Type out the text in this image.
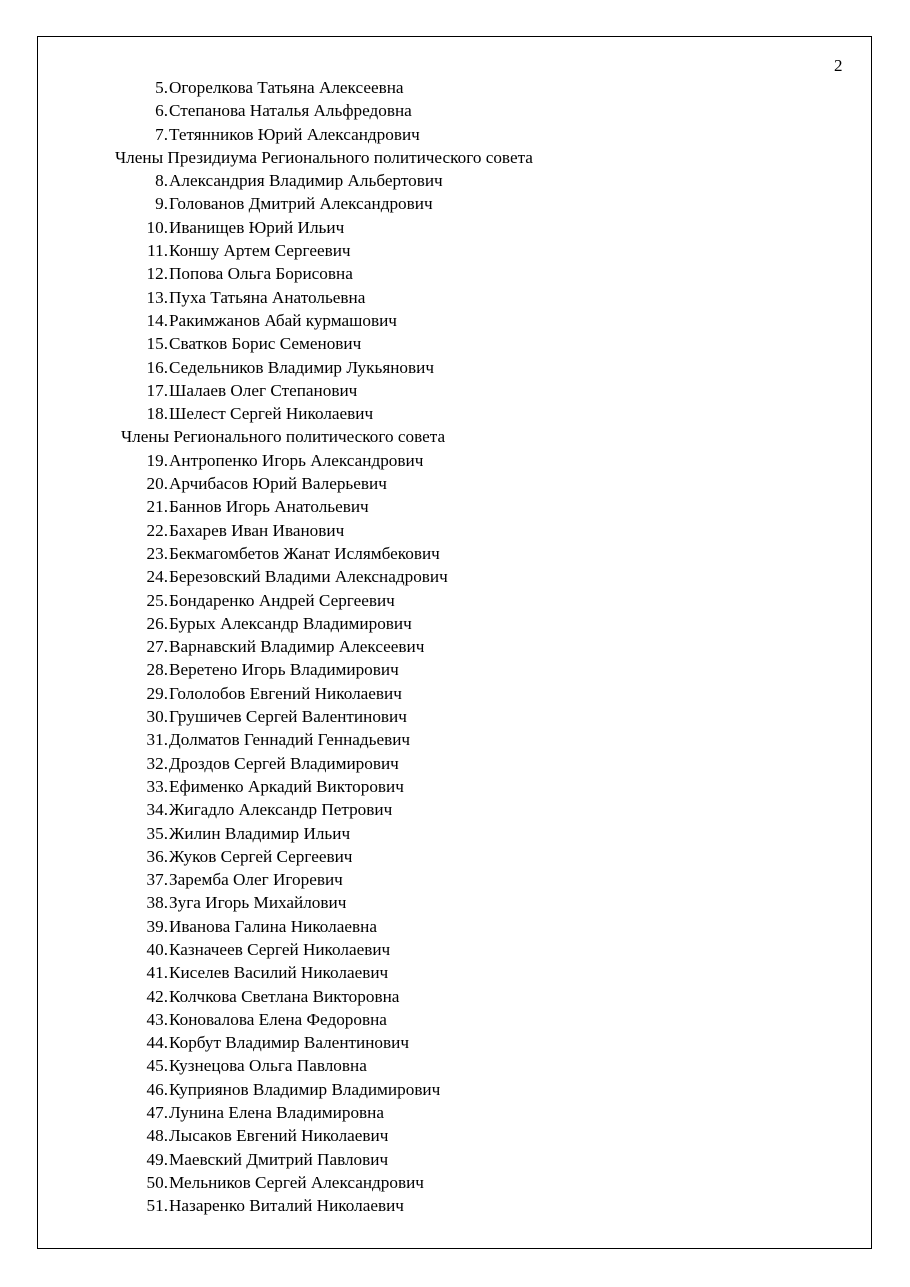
2
5. Огорелкова Татьяна Алексеевна
6. Степанова Наталья Альфредовна
7. Тетянников Юрий Александрович
Члены Президиума Регионального политического совета
8. Александрия Владимир Альбертович
9. Голованов Дмитрий Александрович
10. Иванищев Юрий Ильич
11. Коншу Артем Сергеевич
12. Попова Ольга Борисовна
13. Пуха Татьяна Анатольевна
14. Ракимжанов Абай курмашович
15. Сватков Борис Семенович
16. Седельников Владимир Лукьянович
17. Шалаев Олег Степанович
18. Шелест Сергей Николаевич
Члены Регионального политического совета
19. Антропенко Игорь Александрович
20. Арчибасов Юрий Валерьевич
21. Баннов Игорь Анатольевич
22. Бахарев Иван Иванович
23. Бекмагомбетов Жанат Ислямбекович
24. Березовский Владими Алекснадрович
25. Бондаренко Андрей Сергеевич
26. Бурых Александр Владимирович
27. Варнавский Владимир Алексеевич
28. Веретено Игорь Владимирович
29. Гололобов Евгений Николаевич
30. Грушичев Сергей Валентинович
31. Долматов Геннадий Геннадьевич
32. Дроздов Сергей Владимирович
33. Ефименко Аркадий Викторович
34. Жигадло Александр Петрович
35. Жилин Владимир Ильич
36. Жуков Сергей Сергеевич
37. Заремба Олег Игоревич
38. Зуга Игорь Михайлович
39. Иванова Галина Николаевна
40. Казначеев Сергей Николаевич
41. Киселев Василий Николаевич
42. Колчкова Светлана Викторовна
43. Коновалова Елена Федоровна
44. Корбут Владимир Валентинович
45. Кузнецова Ольга Павловна
46. Куприянов Владимир Владимирович
47. Лунина Елена Владимировна
48. Лысаков Евгений Николаевич
49. Маевский Дмитрий Павлович
50. Мельников Сергей Александрович
51. Назаренко Виталий Николаевич
